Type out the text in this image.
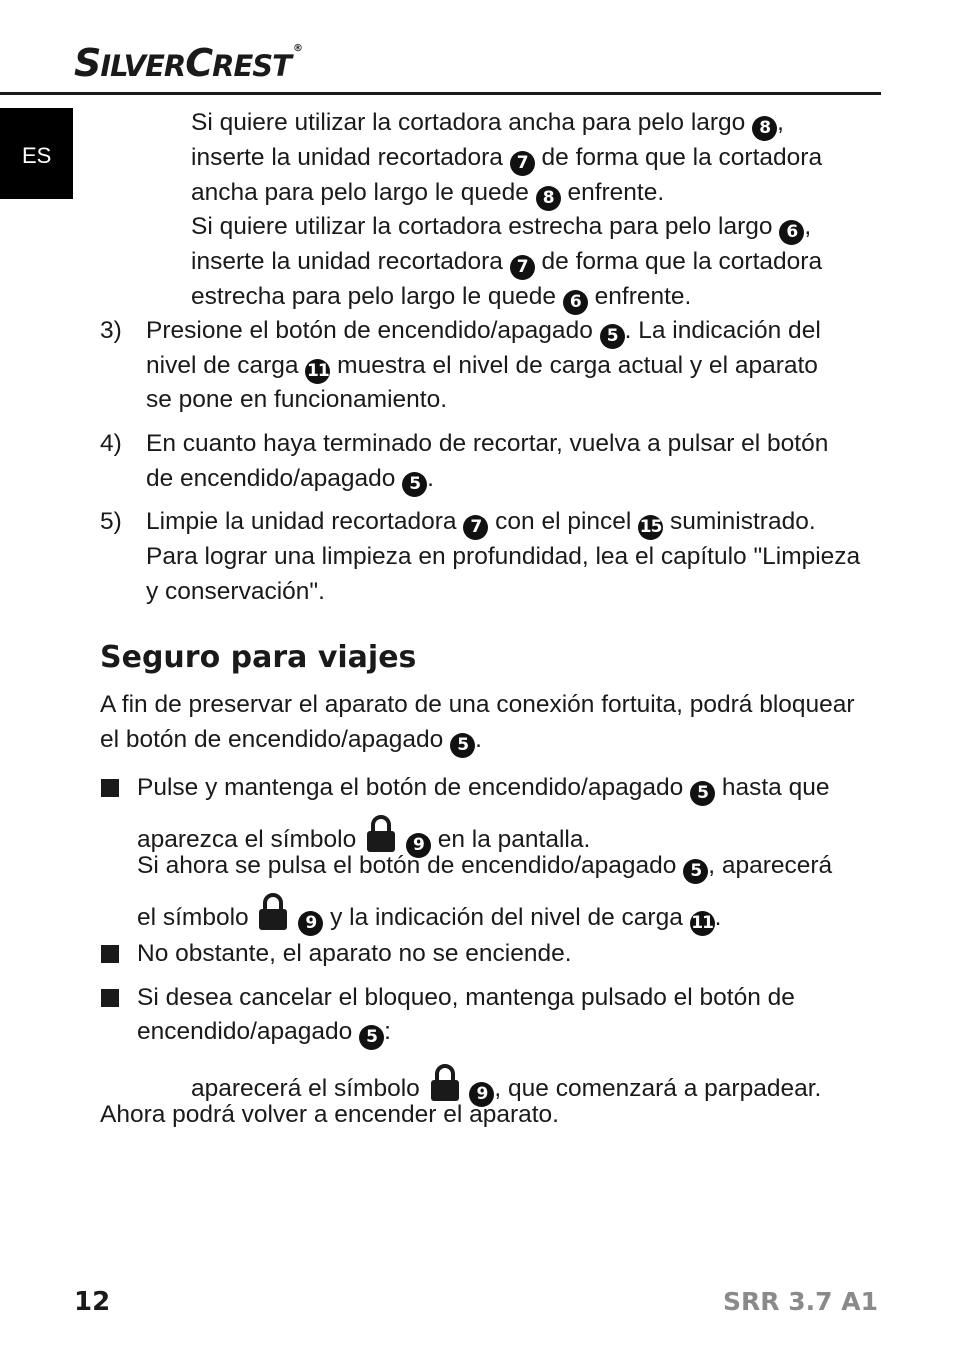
SILVERCREST®
ES

Si quiere utilizar la cortadora ancha para pelo largo 8 ,

inserte la unidad recortadora 7 de forma que la cortadora

ancha para pelo largo le quede 8 enfrente.

Si quiere utilizar la cortadora estrecha para pelo largo 6 ,

inserte la unidad recortadora 7 de forma que la cortadora

estrecha para pelo largo le quede 6 enfrente.

3) Presione el botón de encendido/apagado 5 . La indicación del

nivel de carga 11 muestra el nivel de carga actual y el aparato

se pone en funcionamiento.

4) En cuanto haya terminado de recortar, vuelva a pulsar el botón

de encendido/apagado 5 .

5) Limpie la unidad recortadora 7 con el pincel 15 suministrado.

Para lograr una limpieza en profundidad, lea el capítulo "Limpieza

y conservación".

Seguro para viajes

A fin de preservar el aparato de una conexión fortuita, podrá bloquear

el botón de encendido/apagado 5 .

Pulse y mantenga el botón de encendido/apagado 5 hasta que

aparezca el símbolo	9 en la pantalla.

Si ahora se pulsa el botón de encendido/apagado 5 , aparecerá

el símbolo	9 y la indicación del nivel de carga 11.

No obstante, el aparato no se enciende.

Si desea cancelar el bloqueo, mantenga pulsado el botón de

encendido/apagado 5 :

aparecerá el símbolo	9 , que comenzará a parpadear.

Ahora podrá volver a encender el aparato.

12	SRR 3.7 A1
